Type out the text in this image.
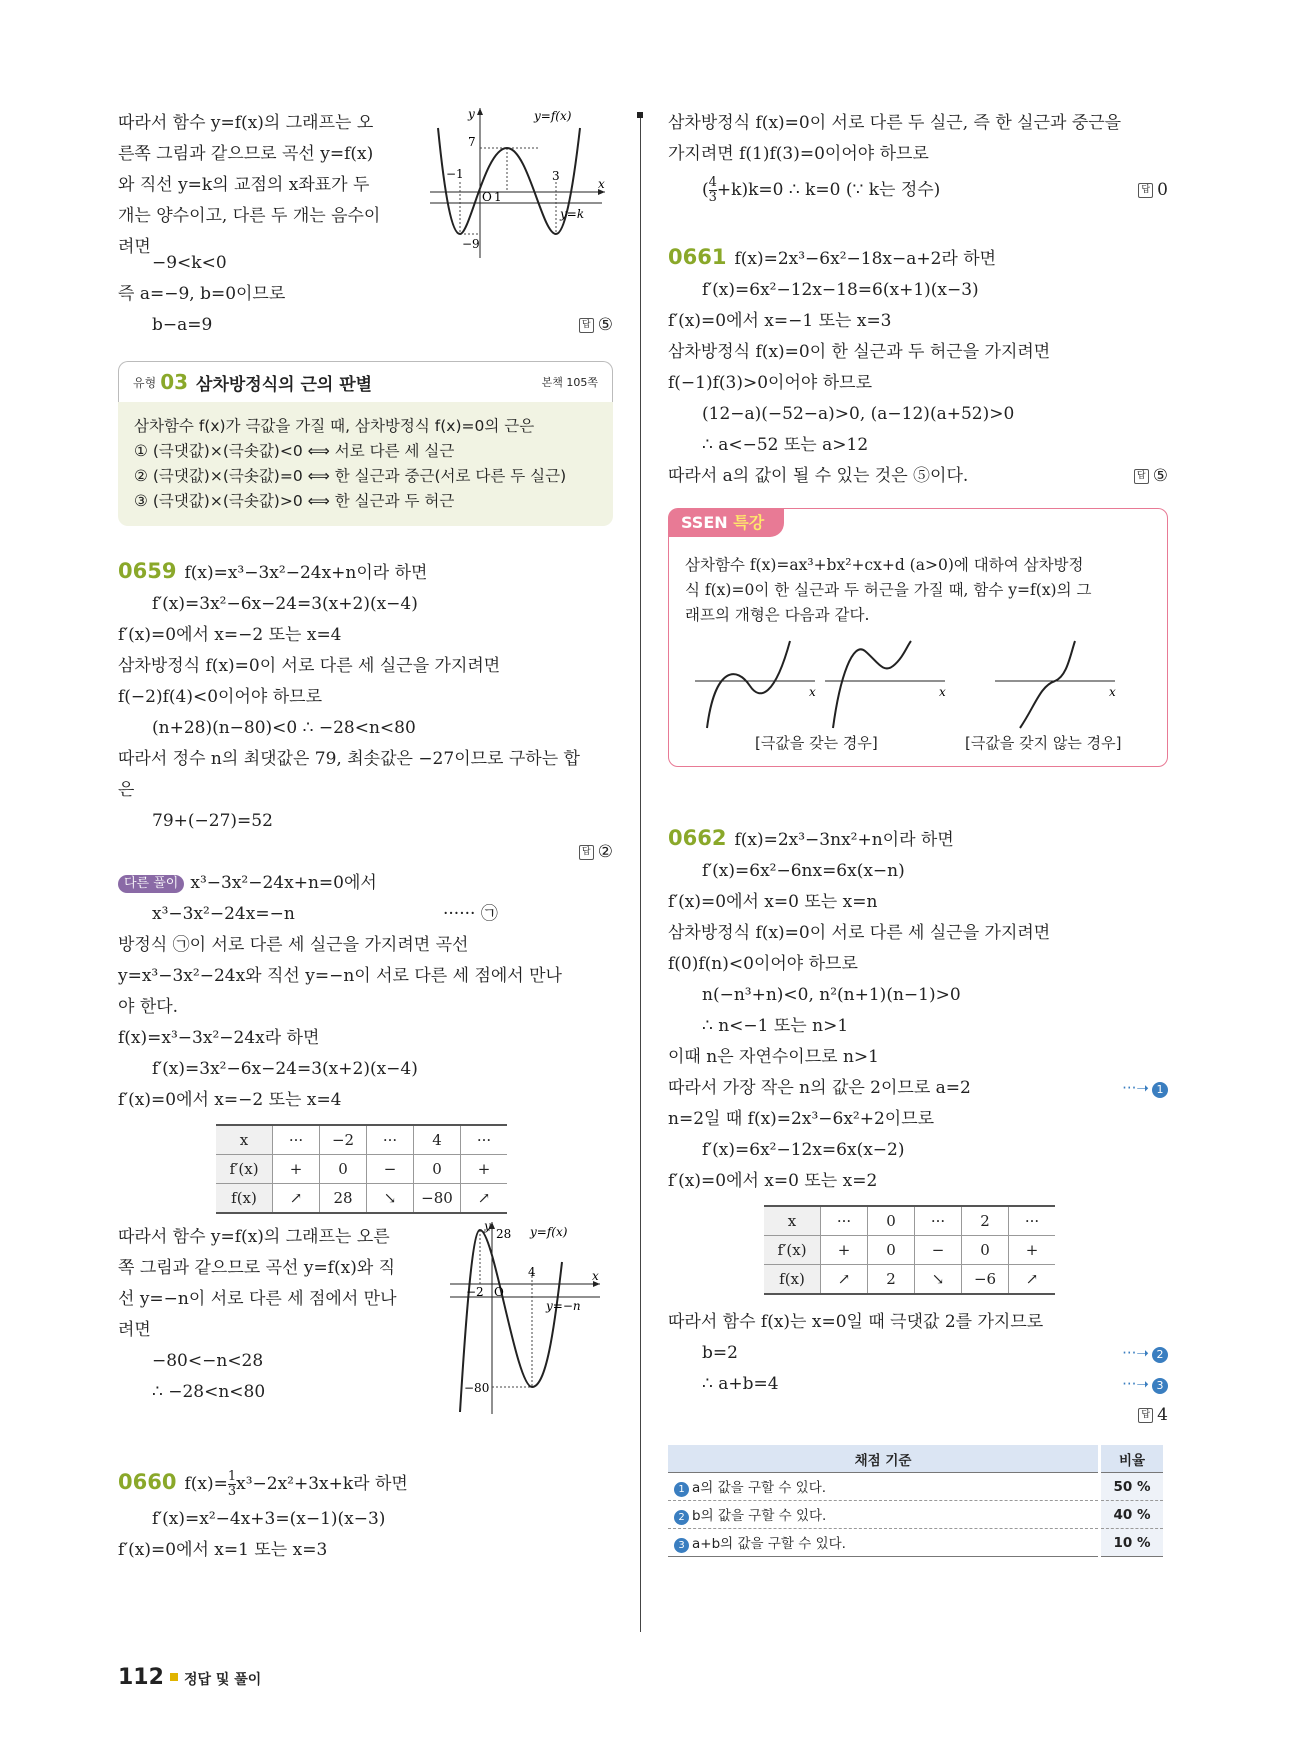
따라서 함수 y=f(x)의 그래프는 오
른쪽 그림과 같으므로 곡선 y=f(x)
와 직선 y=k의 교점의 x좌표가 두
개는 양수이고, 다른 두 개는 음수이
려면
y	y=f(x)
x
y=k
7
−1
O 1
3
−9
−9<k<0
즉 a=−9, b=0이므로
b−a=9	답 ⑤
유형 03 삼차방정식의 근의 판별	본책 105쪽
삼차함수 f(x)가 극값을 가질 때, 삼차방정식 f(x)=0의 근은
① (극댓값)×(극솟값)<0 ⟺ 서로 다른 세 실근
② (극댓값)×(극솟값)=0 ⟺ 한 실근과 중근(서로 다른 두 실근)
③ (극댓값)×(극솟값)>0 ⟺ 한 실근과 두 허근
0659 f(x)=x³−3x²−24x+n이라 하면
f′(x)=3x²−6x−24=3(x+2)(x−4)
f′(x)=0에서 x=−2 또는 x=4
삼차방정식 f(x)=0이 서로 다른 세 실근을 가지려면
f(−2)f(4)<0이어야 하므로
(n+28)(n−80)<0 ∴ −28<n<80
따라서 정수 n의 최댓값은 79, 최솟값은 −27이므로 구하는 합
은
79+(−27)=52
답 ②
다른 풀이 x³−3x²−24x+n=0에서
x³−3x²−24x=−n	······ ㉠
방정식 ㉠이 서로 다른 세 실근을 가지려면 곡선
y=x³−3x²−24x와 직선 y=−n이 서로 다른 세 점에서 만나
야 한다.
f(x)=x³−3x²−24x라 하면
f′(x)=3x²−6x−24=3(x+2)(x−4)
f′(x)=0에서 x=−2 또는 x=4
x	···	−2	···	4	···
f′(x)	+	0	−	0	+
f(x)	↗	28	↘	−80	↗
따라서 함수 y=f(x)의 그래프는 오른
쪽 그림과 같으므로 곡선 y=f(x)와 직
선 y=−n이 서로 다른 세 점에서 만나
려면
−80<−n<28
∴ −28<n<80
y	y=f(x)
x
y=−n
28
4
−2 O
−80
0660 $f(x)= \frac{1}{3} x^3-2x^2+3x+k$라 하면
f′(x)=x²−4x+3=(x−1)(x−3)
f′(x)=0에서 x=1 또는 x=3
삼차방정식 f(x)=0이 서로 다른 두 실근, 즉 한 실근과 중근을
가지려면 f(1)f(3)=0이어야 하므로
( $\frac{4}{3} +k)k=0$ ∴ k=0 (∵ k는 정수)	답 0
0661 f(x)=2x³−6x²−18x−a+2라 하면
f′(x)=6x²−12x−18=6(x+1)(x−3)
f′(x)=0에서 x=−1 또는 x=3
삼차방정식 f(x)=0이 한 실근과 두 허근을 가지려면
f(−1)f(3)>0이어야 하므로
(12−a)(−52−a)>0, (a−12)(a+52)>0
∴ a<−52 또는 a>12
따라서 a의 값이 될 수 있는 것은 ⑤이다.	답 ⑤
SSEN 특강
삼차함수 f(x)=ax³+bx²+cx+d (a>0)에 대하여 삼차방정
식 f(x)=0이 한 실근과 두 허근을 가질 때, 함수 y=f(x)의 그
래프의 개형은 다음과 같다.
x	x	x
[극값을 갖는 경우]	[극값을 갖지 않는 경우]
0662 f(x)=2x³−3nx²+n이라 하면
f′(x)=6x²−6nx=6x(x−n)
f′(x)=0에서 x=0 또는 x=n
삼차방정식 f(x)=0이 서로 다른 세 실근을 가지려면
f(0)f(n)<0이어야 하므로
n(−n³+n)<0, n²(n+1)(n−1)>0
∴ n<−1 또는 n>1
이때 n은 자연수이므로 n>1
따라서 가장 작은 n의 값은 2이므로 a=2	···➝ 1
n=2일 때 f(x)=2x³−6x²+2이므로
f′(x)=6x²−12x=6x(x−2)
f′(x)=0에서 x=0 또는 x=2
x	···	0	···	2	···
f′(x)	+	0	−	0	+
f(x)	↗	2	↘	−6	↗
따라서 함수 f(x)는 x=0일 때 극댓값 2를 가지므로
b=2	···➝ 2
∴ a+b=4	···➝ 3
답 4
채점 기준	비율
1 a의 값을 구할 수 있다.	50 %
2 b의 값을 구할 수 있다.	40 %
3 a+b의 값을 구할 수 있다.	10 %
112 정답 및 풀이
